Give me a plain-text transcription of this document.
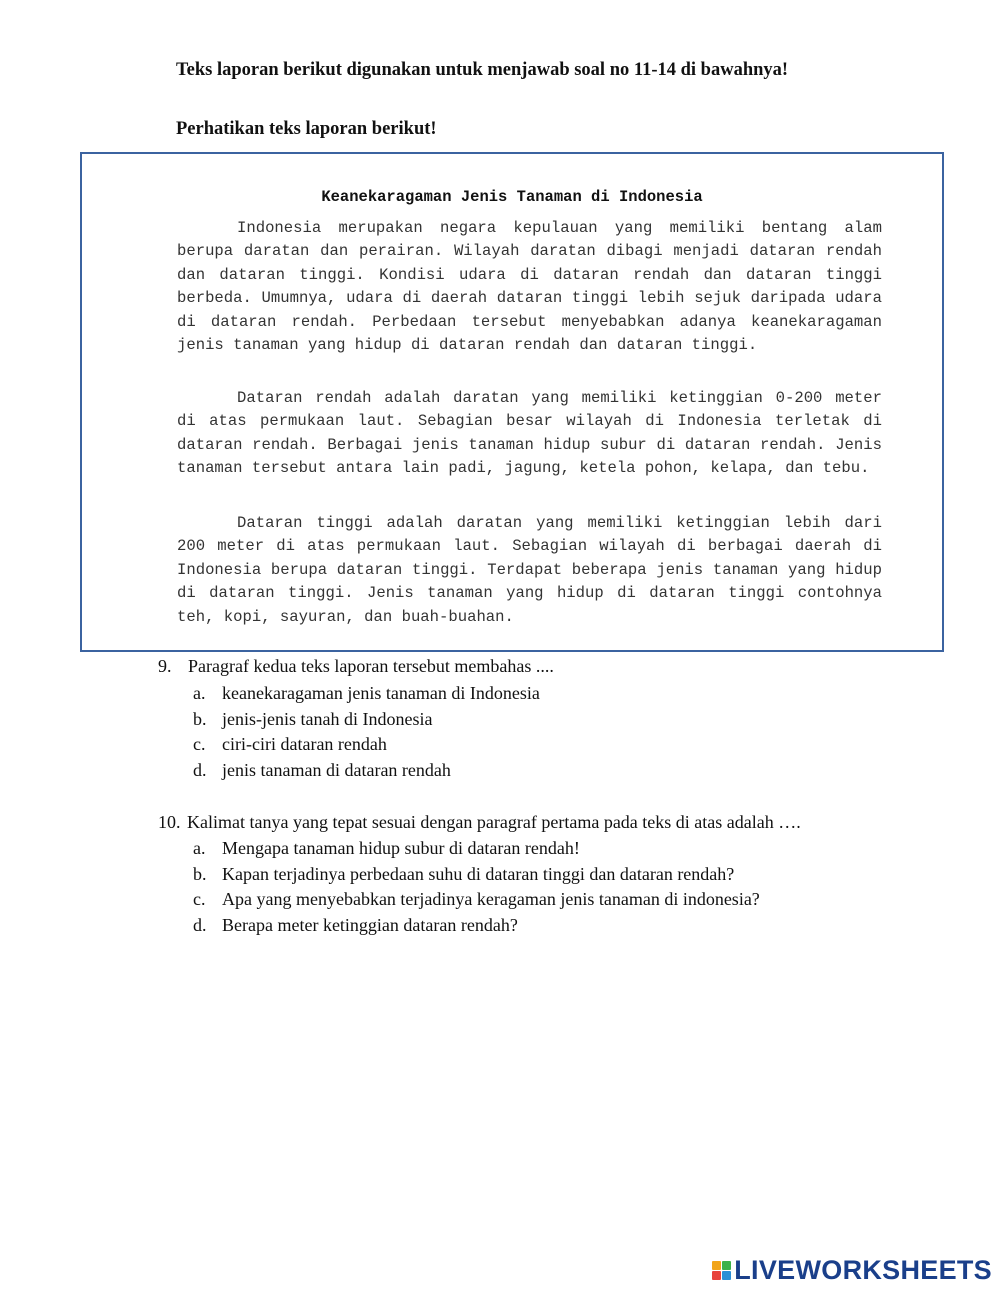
Teks laporan berikut digunakan untuk menjawab soal no 11-14 di bawahnya!

Perhatikan teks laporan berikut!

Keanekaragaman Jenis Tanaman di Indonesia

Indonesia merupakan negara kepulauan yang memiliki bentang alam berupa daratan dan perairan. Wilayah daratan dibagi menjadi dataran rendah dan dataran tinggi. Kondisi udara di dataran rendah dan dataran tinggi berbeda. Umumnya, udara di daerah dataran tinggi lebih sejuk daripada udara di dataran rendah. Perbedaan tersebut menyebabkan adanya keanekaragaman jenis tanaman yang hidup di dataran rendah dan dataran tinggi.

Dataran rendah adalah daratan yang memiliki ketinggian 0-200 meter di atas permukaan laut. Sebagian besar wilayah di Indonesia terletak di dataran rendah. Berbagai jenis tanaman hidup subur di dataran rendah. Jenis tanaman tersebut antara lain padi, jagung, ketela pohon, kelapa, dan tebu.

Dataran tinggi adalah daratan yang memiliki ketinggian lebih dari 200 meter di atas permukaan laut. Sebagian wilayah di berbagai daerah di Indonesia berupa dataran tinggi. Terdapat beberapa jenis tanaman yang hidup di dataran tinggi. Jenis tanaman yang hidup di dataran tinggi contohnya teh, kopi, sayuran, dan buah-buahan.

9. Paragraf kedua teks laporan tersebut membahas ....

a. keanekaragaman jenis tanaman di Indonesia
b. jenis-jenis tanah di Indonesia
c. ciri-ciri dataran rendah
d. jenis tanaman di dataran rendah

10. Kalimat tanya yang tepat sesuai dengan paragraf pertama pada teks di atas adalah ….

a. Mengapa tanaman hidup subur di dataran rendah!
b. Kapan terjadinya perbedaan suhu di dataran tinggi dan dataran rendah?
c. Apa yang menyebabkan terjadinya keragaman jenis tanaman di indonesia?
d. Berapa meter ketinggian dataran rendah?
LIVEWORKSHEETS
